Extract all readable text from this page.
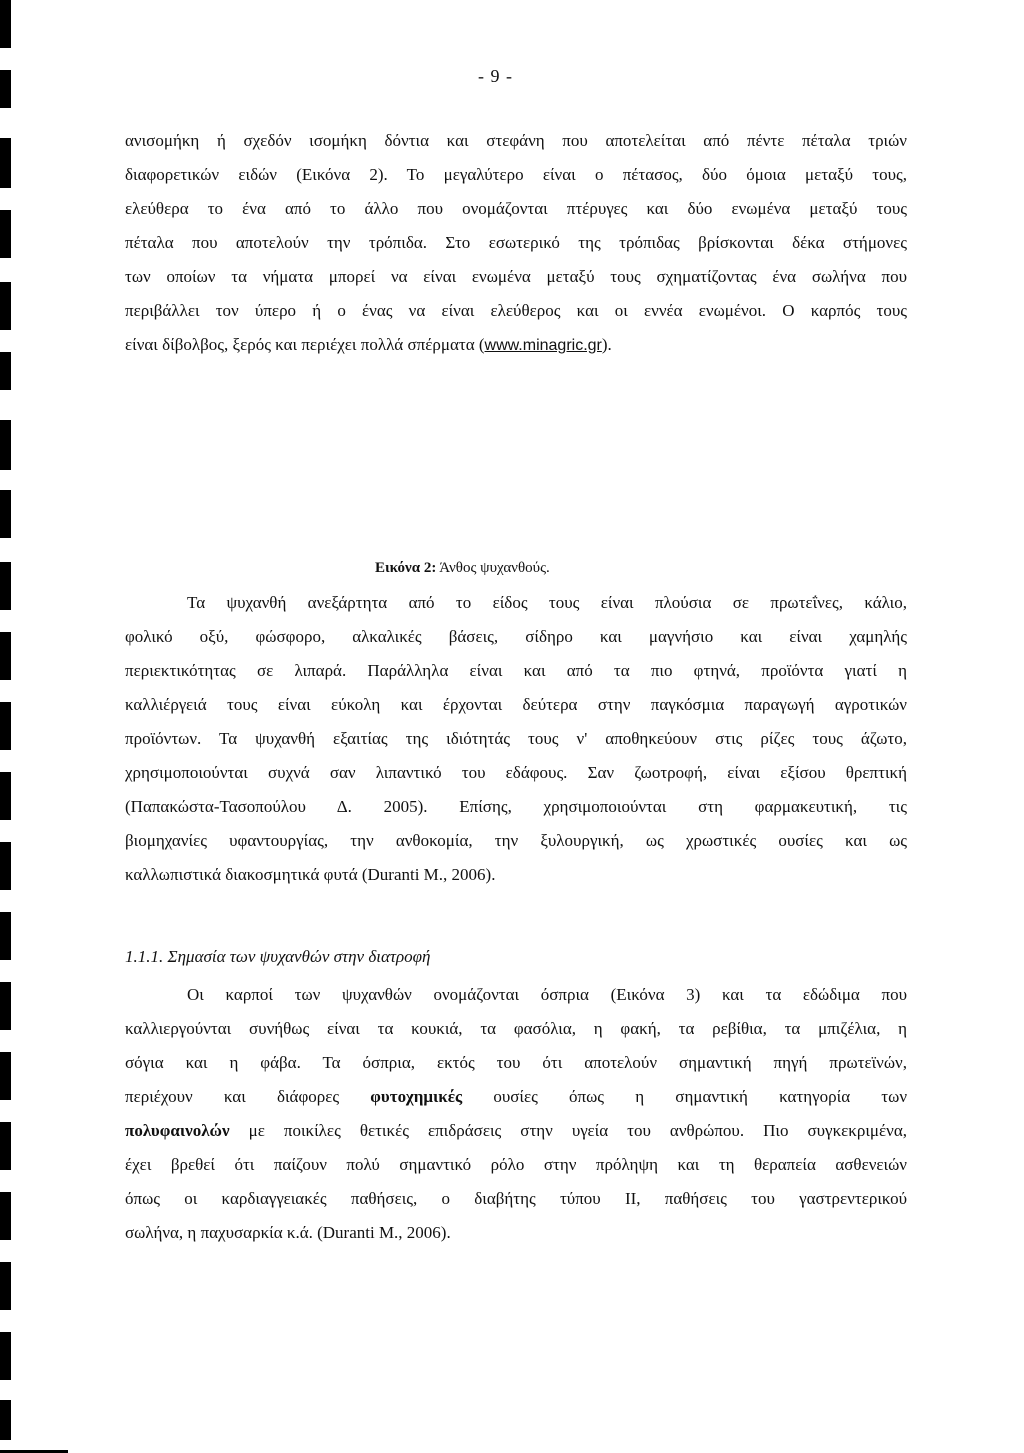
- 9 -
ανισομήκη ή σχεδόν ισομήκη δόντια και στεφάνη που αποτελείται από πέντε πέταλα τριών
διαφορετικών ειδών (Εικόνα 2). Το μεγαλύτερο είναι ο πέτασος, δύο όμοια μεταξύ τους,
ελεύθερα το ένα από το άλλο που ονομάζονται πτέρυγες και δύο ενωμένα μεταξύ τους
πέταλα που αποτελούν την τρόπιδα. Στο εσωτερικό της τρόπιδας βρίσκονται δέκα στήμονες
των οποίων τα νήματα μπορεί να είναι ενωμένα μεταξύ τους σχηματίζοντας ένα σωλήνα που
περιβάλλει τον ύπερο ή ο ένας να είναι ελεύθερος και οι εννέα ενωμένοι. Ο καρπός τους
είναι δίβολβος, ξερός και περιέχει πολλά σπέρματα (www.minagric.gr).
Εικόνα 2: Άνθος ψυχανθούς.
Τα ψυχανθή ανεξάρτητα από το είδος τους είναι πλούσια σε πρωτεΐνες, κάλιο,
φολικό οξύ, φώσφορο, αλκαλικές βάσεις, σίδηρο και μαγνήσιο και είναι χαμηλής
περιεκτικότητας σε λιπαρά. Παράλληλα είναι και από τα πιο φτηνά, προϊόντα γιατί η
καλλιέργειά τους είναι εύκολη και έρχονται δεύτερα στην παγκόσμια παραγωγή αγροτικών
προϊόντων. Τα ψυχανθή εξαιτίας της ιδιότητάς τους ν' αποθηκεύουν στις ρίζες τους άζωτο,
χρησιμοποιούνται συχνά σαν λιπαντικό του εδάφους. Σαν ζωοτροφή, είναι εξίσου θρεπτική
(Παπακώστα-Τασοπούλου Δ. 2005). Επίσης, χρησιμοποιούνται στη φαρμακευτική, τις
βιομηχανίες υφαντουργίας, την ανθοκομία, την ξυλουργική, ως χρωστικές ουσίες και ως
καλλωπιστικά διακοσμητικά φυτά (Duranti M., 2006).
1.1.1. Σημασία των ψυχανθών στην διατροφή
Οι καρποί των ψυχανθών ονομάζονται όσπρια (Εικόνα 3) και τα εδώδιμα που
καλλιεργούνται συνήθως είναι τα κουκιά, τα φασόλια, η φακή, τα ρεβίθια, τα μπιζέλια, η
σόγια και η φάβα. Τα όσπρια, εκτός του ότι αποτελούν σημαντική πηγή πρωτεϊνών,
περιέχουν και διάφορες φυτοχημικές ουσίες όπως η σημαντική κατηγορία των
πολυφαινολών με ποικίλες θετικές επιδράσεις στην υγεία του ανθρώπου. Πιο συγκεκριμένα,
έχει βρεθεί ότι παίζουν πολύ σημαντικό ρόλο στην πρόληψη και τη θεραπεία ασθενειών
όπως οι καρδιαγγειακές παθήσεις, ο διαβήτης τύπου ΙΙ, παθήσεις του γαστρεντερικού
σωλήνα, η παχυσαρκία κ.ά. (Duranti M., 2006).
